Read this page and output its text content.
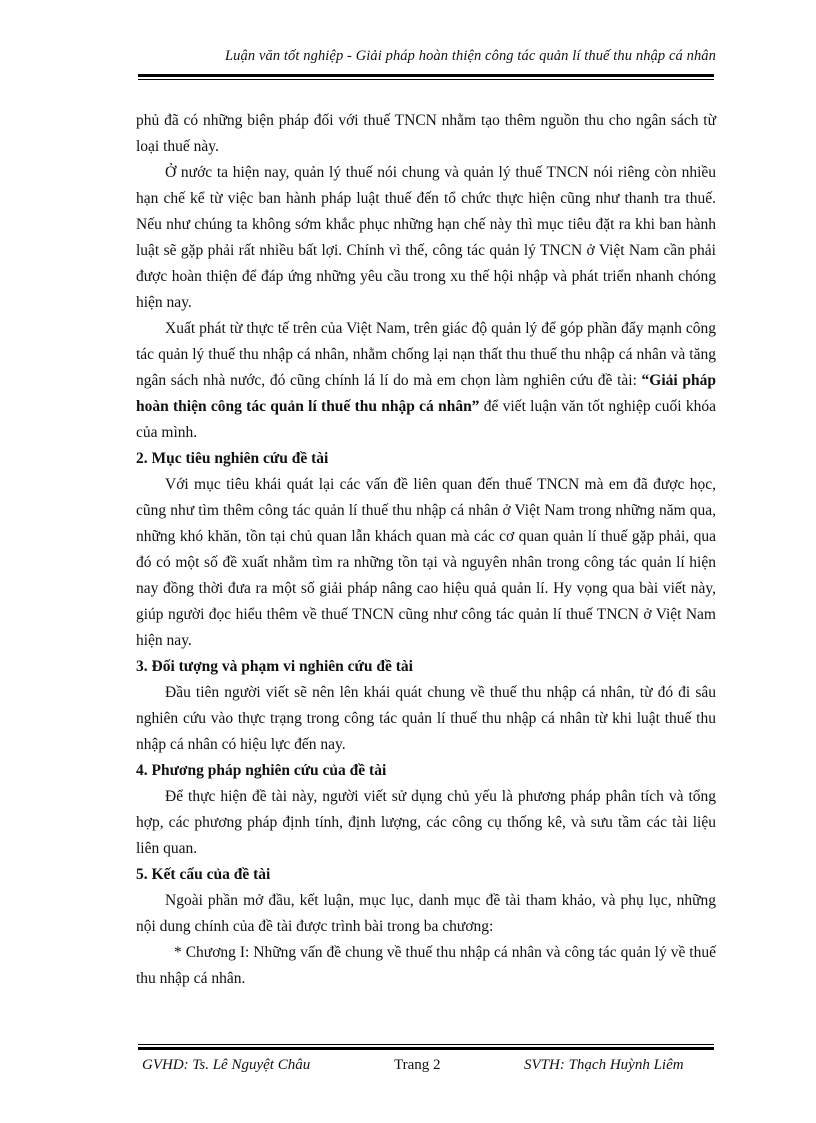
Luận văn tốt nghiệp - Giải pháp hoàn thiện công tác quản lí thuế thu nhập cá nhân

phủ đã có những biện pháp đối với thuế TNCN nhằm tạo thêm nguồn thu cho ngân sách từ loại thuế này.

Ở nước ta hiện nay, quản lý thuế nói chung và quản lý thuế TNCN nói riêng còn nhiều hạn chế kể từ việc ban hành pháp luật thuế đến tổ chức thực hiện cũng như thanh tra thuế. Nếu như chúng ta không sớm khắc phục những hạn chế này thì mục tiêu đặt ra khi ban hành luật sẽ gặp phải rất nhiều bất lợi. Chính vì thế, công tác quản lý TNCN ở Việt Nam cần phải được hoàn thiện để đáp ứng những yêu cầu trong xu thế hội nhập và phát triển nhanh chóng hiện nay.

Xuất phát từ thực tế trên của Việt Nam, trên giác độ quản lý để góp phần đẩy mạnh công tác quản lý thuế thu nhập cá nhân, nhằm chống lại nạn thất thu thuế thu nhập cá nhân và tăng ngân sách nhà nước, đó cũng chính lá lí do mà em chọn làm nghiên cứu đề tài: “Giải pháp hoàn thiện công tác quản lí thuế thu nhập cá nhân” để viết luận văn tốt nghiệp cuối khóa của mình.

2. Mục tiêu nghiên cứu đề tài

Với mục tiêu khái quát lại các vấn đề liên quan đến thuế TNCN mà em đã được học, cũng như tìm thêm công tác quản lí thuế thu nhập cá nhân ở Việt Nam trong những năm qua, những khó khăn, tồn tại chủ quan lẫn khách quan mà các cơ quan quản lí thuế gặp phải, qua đó có một số đề xuất nhằm tìm ra những tồn tại và nguyên nhân trong công tác quản lí hiện nay đồng thời đưa ra một số giải pháp nâng cao hiệu quả quản lí. Hy vọng qua bài viết này, giúp người đọc hiểu thêm về thuế TNCN cũng như công tác quản lí thuế TNCN ở Việt Nam hiện nay.

3. Đối tượng và phạm vi nghiên cứu đề tài

Đầu tiên người viết sẽ nên lên khái quát chung về thuế thu nhập cá nhân, từ đó đi sâu nghiên cứu vào thực trạng trong công tác quản lí thuế thu nhập cá nhân từ khi luật thuế thu nhập cá nhân có hiệu lực đến nay.

4. Phương pháp nghiên cứu của đề tài

Để thực hiện đề tài này, người viết sử dụng chủ yếu là phương pháp phân tích và tổng hợp, các phương pháp định tính, định lượng, các công cụ thống kê, và sưu tầm các tài liệu liên quan.

5. Kết cấu của đề tài

Ngoài phần mở đầu, kết luận, mục lục, danh mục đề tài tham khảo, và phụ lục, những nội dung chính của đề tài được trình bài trong ba chương:

* Chương I: Những vấn đề chung về thuế thu nhập cá nhân và công tác quản lý về thuế thu nhập cá nhân.

GVHD: Ts. Lê Nguyệt Châu	Trang 2	SVTH: Thạch Huỳnh Liêm
